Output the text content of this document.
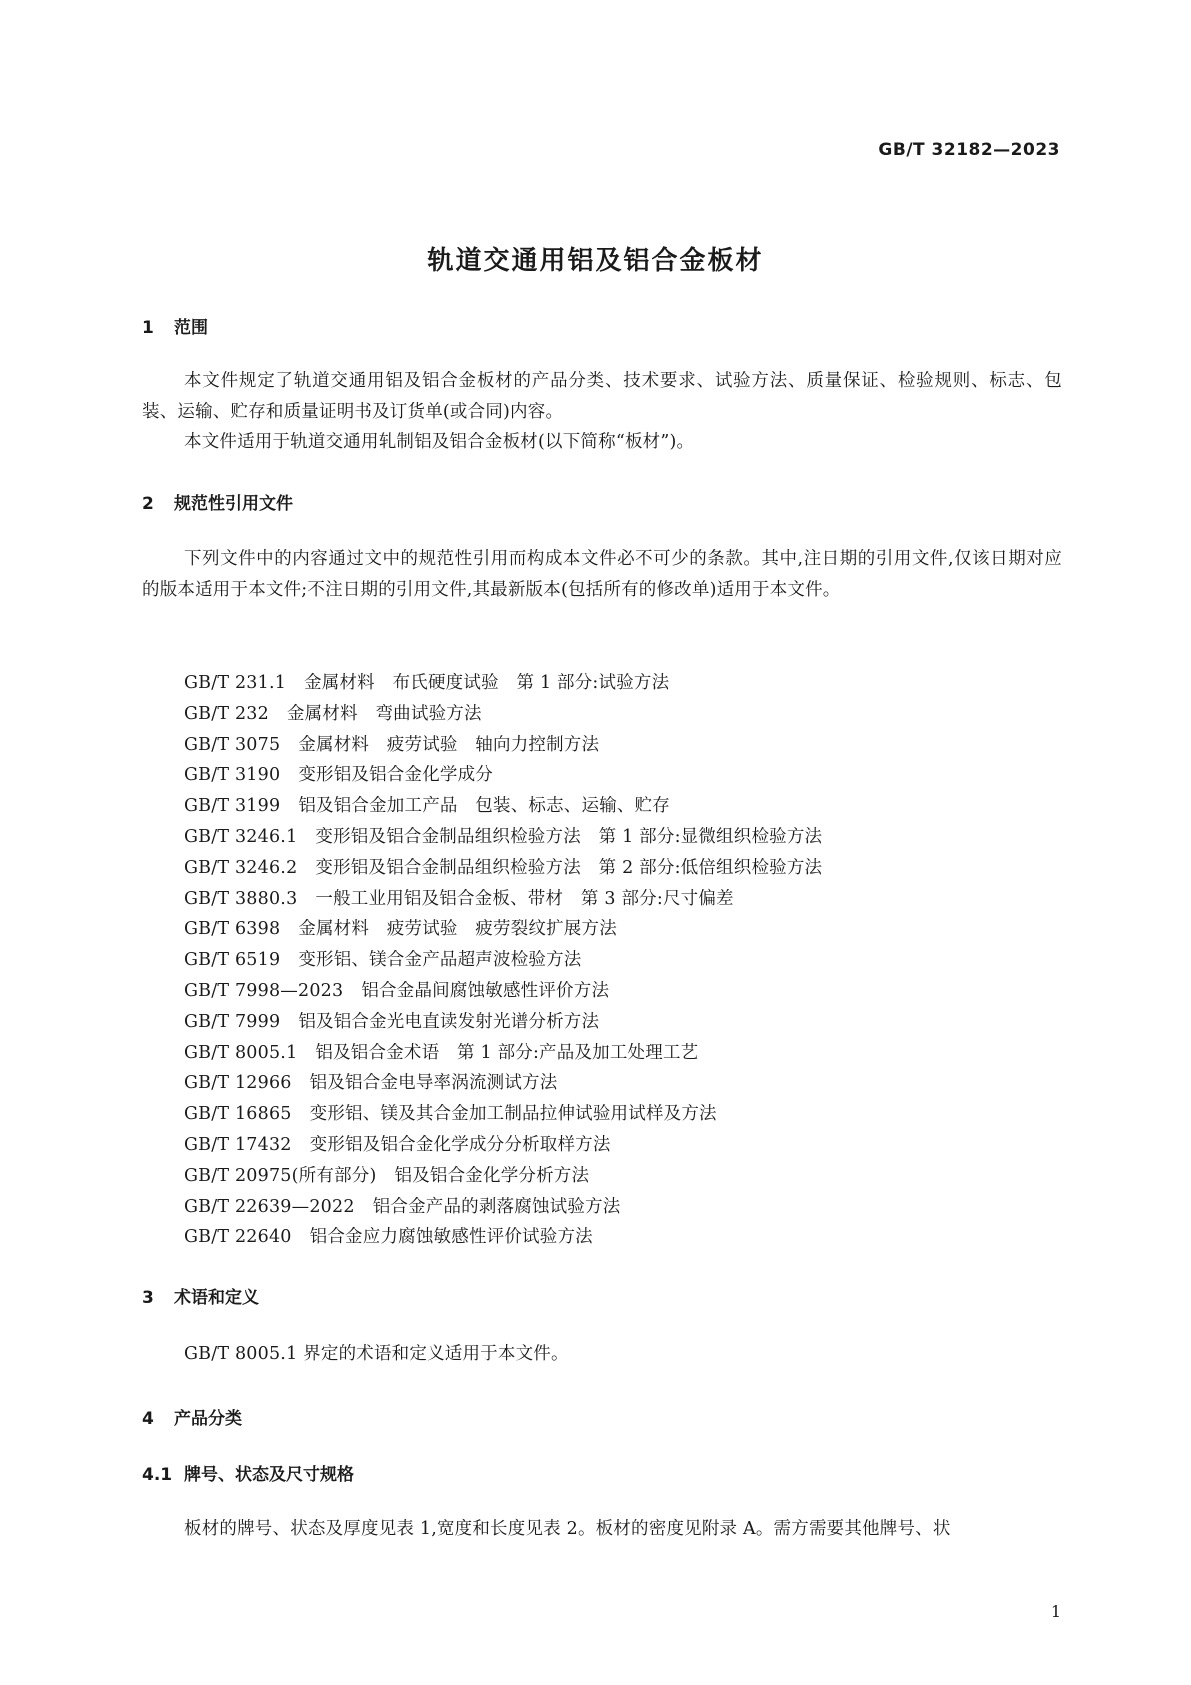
GB/T 32182—2023
轨道交通用铝及铝合金板材
1 范围

本文件规定了轨道交通用铝及铝合金板材的产品分类、技术要求、试验方法、质量保证、检验规则、标志、包装、运输、贮存和质量证明书及订货单(或合同)内容。

本文件适用于轨道交通用轧制铝及铝合金板材(以下简称“板材”)。

2 规范性引用文件

下列文件中的内容通过文中的规范性引用而构成本文件必不可少的条款。其中,注日期的引用文件,仅该日期对应的版本适用于本文件;不注日期的引用文件,其最新版本(包括所有的修改单)适用于本文件。

GB/T 231.1 金属材料　布氏硬度试验　第 1 部分:试验方法
GB/T 232 金属材料　弯曲试验方法
GB/T 3075 金属材料　疲劳试验　轴向力控制方法
GB/T 3190 变形铝及铝合金化学成分
GB/T 3199 铝及铝合金加工产品　包装、标志、运输、贮存
GB/T 3246.1 变形铝及铝合金制品组织检验方法　第 1 部分:显微组织检验方法
GB/T 3246.2 变形铝及铝合金制品组织检验方法　第 2 部分:低倍组织检验方法
GB/T 3880.3 一般工业用铝及铝合金板、带材　第 3 部分:尺寸偏差
GB/T 6398 金属材料　疲劳试验　疲劳裂纹扩展方法
GB/T 6519 变形铝、镁合金产品超声波检验方法
GB/T 7998—2023 铝合金晶间腐蚀敏感性评价方法
GB/T 7999 铝及铝合金光电直读发射光谱分析方法
GB/T 8005.1 铝及铝合金术语　第 1 部分:产品及加工处理工艺
GB/T 12966 铝及铝合金电导率涡流测试方法
GB/T 16865 变形铝、镁及其合金加工制品拉伸试验用试样及方法
GB/T 17432 变形铝及铝合金化学成分分析取样方法
GB/T 20975(所有部分) 铝及铝合金化学分析方法
GB/T 22639—2022 铝合金产品的剥落腐蚀试验方法
GB/T 22640 铝合金应力腐蚀敏感性评价试验方法
3 术语和定义
GB/T 8005.1 界定的术语和定义适用于本文件。
4 产品分类
4.1 牌号、状态及尺寸规格
板材的牌号、状态及厚度见表 1,宽度和长度见表 2。板材的密度见附录 A。需方需要其他牌号、状
1
